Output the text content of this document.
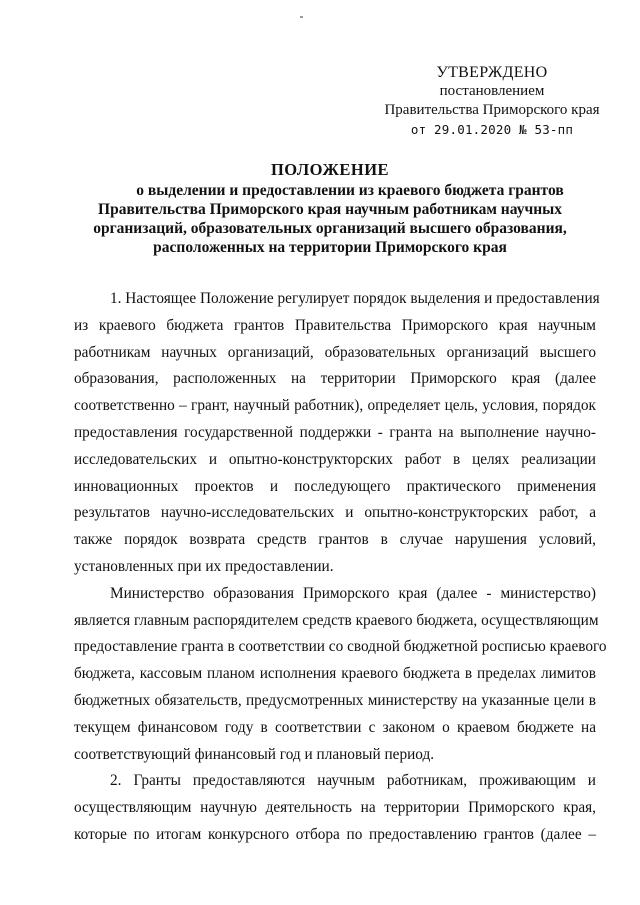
УТВЕРЖДЕНО
постановлением
Правительства Приморского края
от 29.01.2020 № 53-пп
ПОЛОЖЕНИЕ
о выделении и предоставлении из краевого бюджета грантов
Правительства Приморского края научным работникам научных
организаций, образовательных организаций высшего образования,
расположенных на территории Приморского края
1. Настоящее Положение регулирует порядок выделения и предоставления
из краевого бюджета грантов Правительства Приморского края научным
работникам научных организаций, образовательных организаций высшего
образования, расположенных на территории Приморского края (далее
соответственно – грант, научный работник), определяет цель, условия, порядок
предоставления государственной поддержки - гранта на выполнение научно-
исследовательских и опытно-конструкторских работ в целях реализации
инновационных проектов и последующего практического применения
результатов научно-исследовательских и опытно-конструкторских работ, а
также порядок возврата средств грантов в случае нарушения условий,
установленных при их предоставлении.
Министерство образования Приморского края (далее - министерство)
является главным распорядителем средств краевого бюджета, осуществляющим
предоставление гранта в соответствии со сводной бюджетной росписью краевого
бюджета, кассовым планом исполнения краевого бюджета в пределах лимитов
бюджетных обязательств, предусмотренных министерству на указанные цели в
текущем финансовом году в соответствии с законом о краевом бюджете на
соответствующий финансовый год и плановый период.
2. Гранты предоставляются научным работникам, проживающим и
осуществляющим научную деятельность на территории Приморского края,
которые по итогам конкурсного отбора по предоставлению грантов (далее –
